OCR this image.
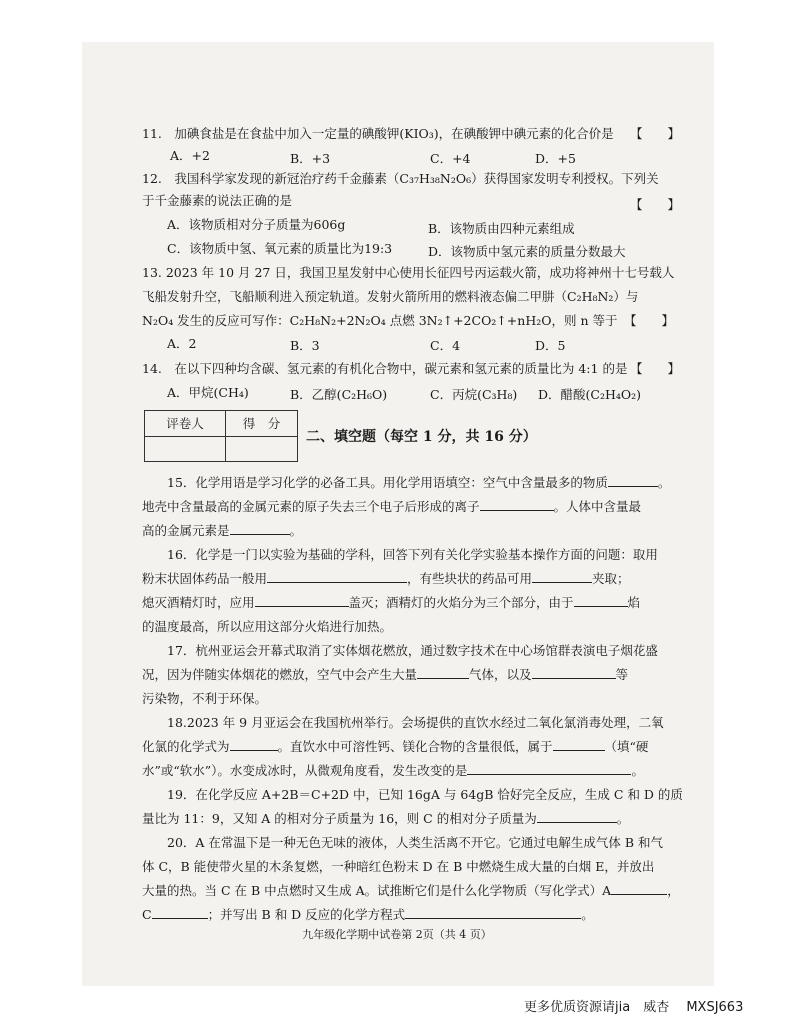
11.　加碘食盐是在食盐中加入一定量的碘酸钾(KIO₃)，在碘酸钾中碘元素的化合价是 【　　】
A．+2	B．+3	C．+4	D．+5
12.　我国科学家发现的新冠治疗药千金藤素（C₃₇H₃₈N₂O₆）获得国家发明专利授权。下列关
于千金藤素的说法正确的是	【　　】
A．该物质相对分子质量为606g	B．该物质由四种元素组成
C．该物质中氢、氧元素的质量比为19:3	D．该物质中氢元素的质量分数最大
13. 2023 年 10 月 27 日，我国卫星发射中心使用长征四号丙运载火箭，成功将神州十七号载人
飞船发射升空，飞船顺利进入预定轨道。发射火箭所用的燃料液态偏二甲肼（C₂H₈N₂）与
N₂O₄ 发生的反应可写作：C₂H₈N₂+2N₂O₄ 点燃 3N₂↑+2CO₂↑+nH₂O，则 n 等于 【　　】
A．2	B．3	C．4	D．5
14.　在以下四种均含碳、氢元素的有机化合物中，碳元素和氢元素的质量比为 4:1 的是 【　　】
A．甲烷(CH₄)	B．乙醇(C₂H₆O)	C．丙烷(C₃H₈) D．醋酸(C₂H₄O₂)
评卷人	得　分
二、填空题（每空 1 分，共 16 分）
15．化学用语是学习化学的必备工具。用化学用语填空：空气中含量最多的物质	。
地壳中含量最高的金属元素的原子失去三个电子后形成的离子	。人体中含量最
高的金属元素是	。
16．化学是一门以实验为基础的学科，回答下列有关化学实验基本操作方面的问题：取用
粉末状固体药品一般用	，有些块状的药品可用	夹取；
熄灭酒精灯时，应用	盖灭；酒精灯的火焰分为三个部分，由于	焰
的温度最高，所以应用这部分火焰进行加热。
17．杭州亚运会开幕式取消了实体烟花燃放，通过数字技术在中心场馆群表演电子烟花盛
况，因为伴随实体烟花的燃放，空气中会产生大量	气体，以及	等
污染物，不利于环保。
18.2023 年 9 月亚运会在我国杭州举行。会场提供的直饮水经过二氧化氯消毒处理，二氧
化氯的化学式为	。直饮水中可溶性钙、镁化合物的含量很低，属于	（填“硬
水”或“软水”）。水变成冰时，从微观角度看，发生改变的是	。
19．在化学反应 A+2B＝C+2D 中，已知 16gA 与 64gB 恰好完全反应，生成 C 和 D 的质
量比为 11：9，又知 A 的相对分子质量为 16，则 C 的相对分子质量为	。
20．A 在常温下是一种无色无味的液体，人类生活离不开它。它通过电解生成气体 B 和气
体 C，B 能使带火星的木条复燃，一种暗红色粉末 D 在 B 中燃烧生成大量的白烟 E，并放出
大量的热。当 C 在 B 中点燃时又生成 A。试推断它们是什么化学物质（写化学式）A	，
C	；并写出 B 和 D 反应的化学方程式	。
九年级化学期中试卷第 2页（共 4 页）
更多优质资源请jia　威杏　 MXSJ663
